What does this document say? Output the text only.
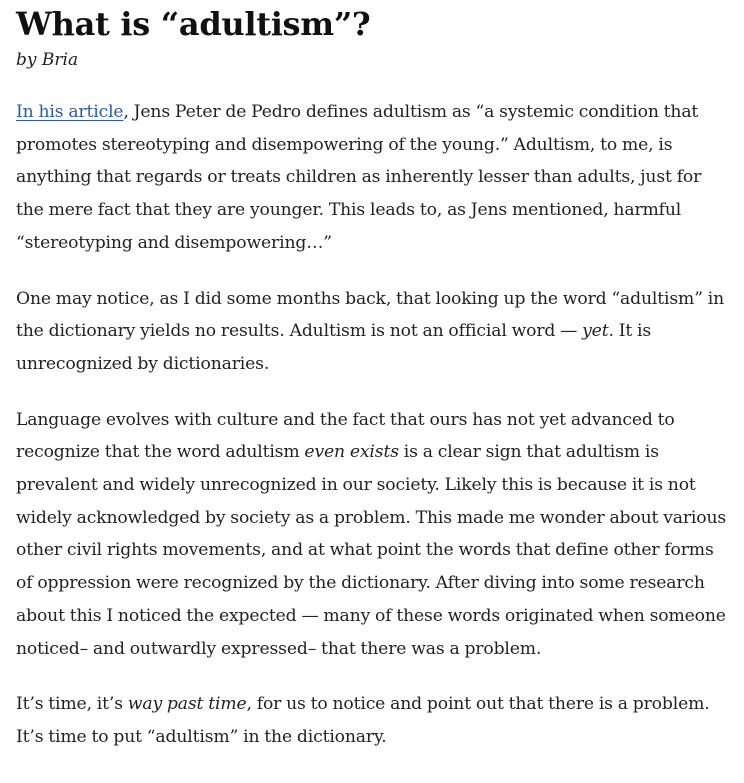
What is “adultism”?

by Bria

In his article, Jens Peter de Pedro defines adultism as “a systemic condition that promotes stereotyping and disempowering of the young.” Adultism, to me, is anything that regards or treats children as inherently lesser than adults, just for the mere fact that they are younger. This leads to, as Jens mentioned, harmful “stereotyping and disempowering…”

One may notice, as I did some months back, that looking up the word “adultism” in the dictionary yields no results. Adultism is not an official word — yet. It is unrecognized by dictionaries.

Language evolves with culture and the fact that ours has not yet advanced to recognize that the word adultism even exists is a clear sign that adultism is prevalent and widely unrecognized in our society. Likely this is because it is not widely acknowledged by society as a problem. This made me wonder about various other civil rights movements, and at what point the words that define other forms of oppression were recognized by the dictionary. After diving into some research about this I noticed the expected — many of these words originated when someone noticed– and outwardly expressed– that there was a problem.

It’s time, it’s way past time, for us to notice and point out that there is a problem. It’s time to put “adultism” in the dictionary.
